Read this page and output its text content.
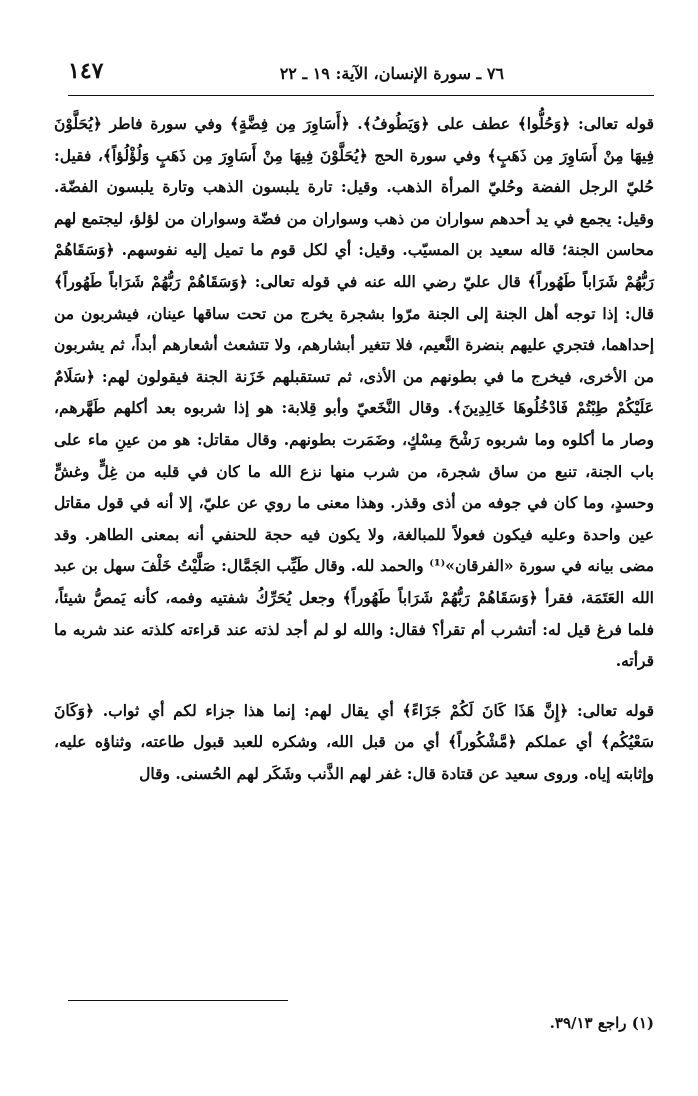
٧٦ ـ سورة الإنسان، الآية: ١٩ ـ ٢٢
١٤٧

قوله تعالى: ﴿وَحُلُّوا﴾ عطف على ﴿وَيَطُوفُ﴾. ﴿أَسَاوِرَ مِن فِضَّةٍ﴾ وفي سورة فاطر ﴿يُحَلَّوْنَ فِيهَا مِنْ أَسَاوِرَ مِن ذَهَبٍ﴾ وفي سورة الحج ﴿يُحَلَّوْنَ فِيهَا مِنْ أَسَاوِرَ مِن ذَهَبٍ وَلُؤْلُؤاً﴾، فقيل: حُليّ الرجل الفضة وحُليّ المرأة الذهب. وقيل: تارة يلبسون الذهب وتارة يلبسون الفضّة. وقيل: يجمع في يد أحدهم سواران من ذهب وسواران من فضّة وسواران من لؤلؤ، ليجتمع لهم محاسن الجنة؛ قاله سعيد بن المسيّب. وقيل: أي لكل قوم ما تميل إليه نفوسهم. ﴿وَسَقَاهُمْ رَبُّهُمْ شَرَاباً طَهُوراً﴾ قال عليّ رضي الله عنه في قوله تعالى: ﴿وَسَقَاهُمْ رَبُّهُمْ شَرَاباً طَهُوراً﴾ قال: إذا توجه أهل الجنة إلى الجنة مرّوا بشجرة يخرج من تحت ساقها عينان، فيشربون من إحداهما، فتجري عليهم بنضرة النَّعيم، فلا تتغير أبشارهم، ولا تتشعث أشعارهم أبداً، ثم يشربون من الأخرى، فيخرج ما في بطونهم من الأذى، ثم تستقبلهم خَزَنة الجنة فيقولون لهم: ﴿سَلَامٌ عَلَيْكُمْ طِبْتُمْ فَادْخُلُوهَا خَالِدِينَ﴾. وقال النَّخَعيّ وأبو قِلابة: هو إذا شربوه بعد أكلهم طَهَّرهم، وصار ما أكلوه وما شربوه رَشْحَ مِسْكٍ، وضَمَرت بطونهم. وقال مقاتل: هو من عينِ ماء على باب الجنة، تنبع من ساق شجرة، من شرب منها نزع الله ما كان في قلبه من غِلٍّ وغشٍّ وحسدٍ، وما كان في جوفه من أذى وقذر. وهذا معنى ما روي عن عليّ، إلا أنه في قول مقاتل عين واحدة وعليه فيكون فعولاً للمبالغة، ولا يكون فيه حجة للحنفي أنه بمعنى الطاهر. وقد مضى بيانه في سورة «الفرقان»⁽¹⁾ والحمد لله. وقال طَيِّب الجَمَّال: صَلَّيْتُ خَلْفَ سهل بن عبد الله العَتَمَة، فقرأ ﴿وَسَقَاهُمْ رَبُّهُمْ شَرَاباً طَهُوراً﴾ وجعل يُحَرِّكُ شفتيه وفمه، كأنه يَمصُّ شيئاً، فلما فرغ قيل له: أتشرب أم تقرأ؟ فقال: والله لو لم أجد لذته عند قراءته كلذته عند شربه ما قرأته.

قوله تعالى: ﴿إِنَّ هَذَا كَانَ لَكُمْ جَزَاءً﴾ أي يقال لهم: إنما هذا جزاء لكم أي ثواب. ﴿وَكَانَ سَعْيُكُم﴾ أي عملكم ﴿مَّشْكُوراً﴾ أي من قبل الله، وشكره للعبد قبول طاعته، وثناؤه عليه، وإثابته إياه. وروى سعيد عن قتادة قال: غفر لهم الذَّنب وشَكَر لهم الحُسنى. وقال

(١) راجع ٣٩/١٣.
